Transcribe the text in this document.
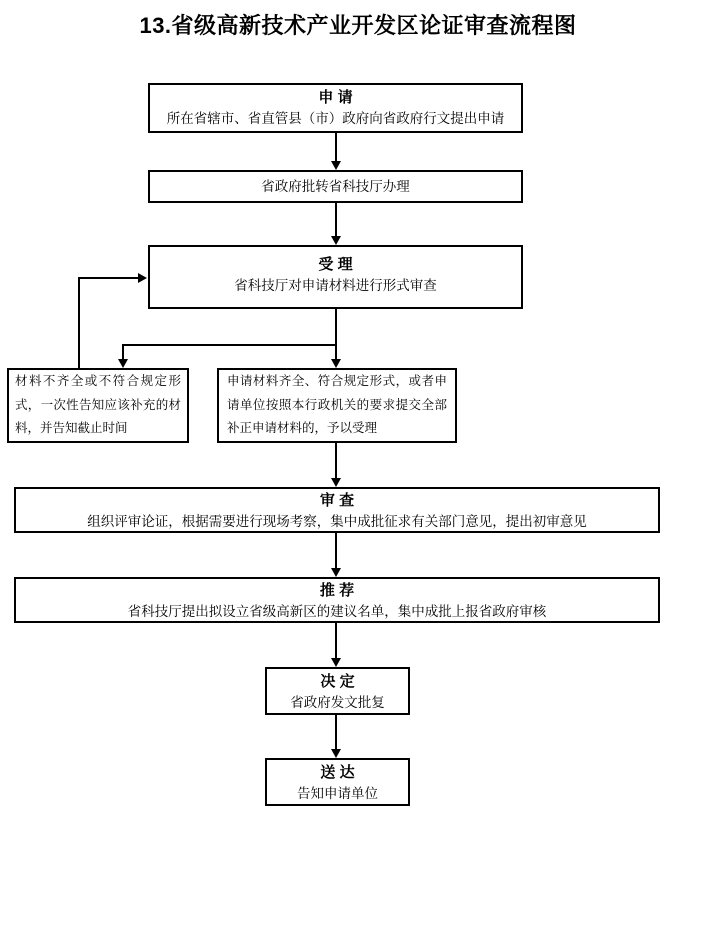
13.省级高新技术产业开发区论证审查流程图
申 请
所在省辖市、省直管县（市）政府向省政府行文提出申请
省政府批转省科技厅办理
受 理
省科技厅对申请材料进行形式审查
材料不齐全或不符合规定形式，一次性告知应该补充的材料，并告知截止时间
申请材料齐全、符合规定形式，或者申请单位按照本行政机关的要求提交全部补正申请材料的，予以受理
审 查
组织评审论证，根据需要进行现场考察，集中成批征求有关部门意见，提出初审意见
推 荐
省科技厅提出拟设立省级高新区的建议名单，集中成批上报省政府审核
决 定
省政府发文批复
送 达
告知申请单位
